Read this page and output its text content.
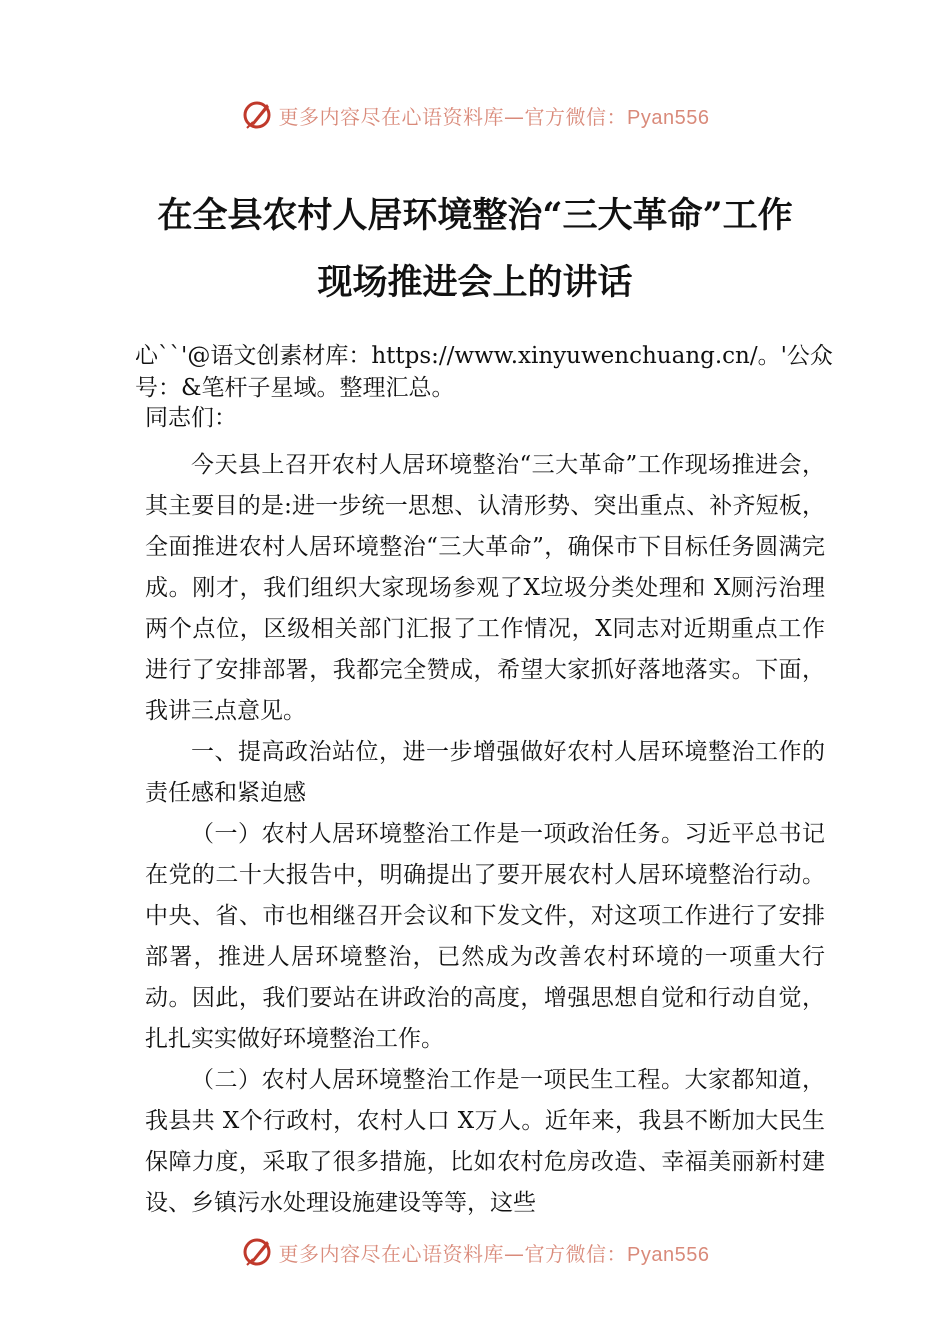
更多内容尽在心语资料库—官方微信：Pyan556
在全县农村人居环境整治“三大革命”工作
现场推进会上的讲话
心``'@语文创素材库：https://www.xinyuwenchuang.cn/。'公众号：&笔杆子星域。整理汇总。

同志们：

今天县上召开农村人居环境整治“三大革命”工作现场推进会，其主要目的是:进一步统一思想、认清形势、突出重点、补齐短板，全面推进农村人居环境整治“三大革命”，确保市下目标任务圆满完成。刚才，我们组织大家现场参观了X垃圾分类处理和 X厕污治理两个点位，区级相关部门汇报了工作情况，X同志对近期重点工作进行了安排部署，我都完全赞成，希望大家抓好落地落实。下面，我讲三点意见。

一、提高政治站位，进一步增强做好农村人居环境整治工作的责任感和紧迫感

（一）农村人居环境整治工作是一项政治任务。习近平总书记在党的二十大报告中，明确提出了要开展农村人居环境整治行动。中央、省、市也相继召开会议和下发文件，对这项工作进行了安排部署，推进人居环境整治，已然成为改善农村环境的一项重大行动。因此，我们要站在讲政治的高度，增强思想自觉和行动自觉，扎扎实实做好环境整治工作。

（二）农村人居环境整治工作是一项民生工程。大家都知道，我县共 X个行政村，农村人口 X万人。近年来，我县不断加大民生保障力度，采取了很多措施，比如农村危房改造、幸福美丽新村建设、乡镇污水处理设施建设等等，这些

更多内容尽在心语资料库—官方微信：Pyan556
